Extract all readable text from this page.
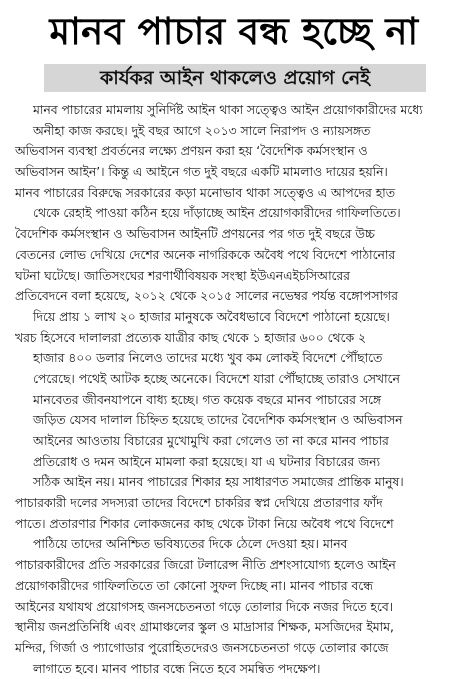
মানব পাচার বন্ধ হচ্ছে না
কার্যকর আইন থাকলেও প্রয়োগ নেই
মানব পাচারের মামলায় সুনির্দিষ্ট আইন থাকা সত্ত্বেও আইন প্রয়োগকারীদের মধ্যে
অনীহা কাজ করছে। দুই বছর আগে ২০১৩ সালে নিরাপদ ও ন্যায়সঙ্গত
অভিবাসন ব্যবস্থা প্রবর্তনের লক্ষ্যে প্রণয়ন করা হয় ‘বৈদেশিক কর্মসংস্থান ও
অভিবাসন আইন’। কিন্তু এ আইনে গত দুই বছরে একটি মামলাও দায়ের হয়নি।
মানব পাচারের বিরুদ্ধে সরকারের কড়া মনোভাব থাকা সত্ত্বেও এ আপদের হাত
থেকে রেহাই পাওয়া কঠিন হয়ে দাঁড়াচ্ছে আইন প্রয়োগকারীদের গাফিলতিতে।
বৈদেশিক কর্মসংস্থান ও অভিবাসন আইনটি প্রণয়নের পর গত দুই বছরে উচ্চ
বেতনের লোভ দেখিয়ে দেশের অনেক নাগরিককে অবৈধ পথে বিদেশে পাঠানোর
ঘটনা ঘটেছে। জাতিসংঘের শরণার্থীবিষয়ক সংস্থা ইউএনএইচসিআরের
প্রতিবেদনে বলা হয়েছে, ২০১২ থেকে ২০১৫ সালের নভেম্বর পর্যন্ত বঙ্গোপসাগর
দিয়ে প্রায় ১ লাখ ২০ হাজার মানুষকে অবৈধভাবে বিদেশে পাঠানো হয়েছে।
খরচ হিসেবে দালালরা প্রত্যেক যাত্রীর কাছ থেকে ১ হাজার ৬০০ থেকে ২
হাজার ৪০০ ডলার নিলেও তাদের মধ্যে খুব কম লোকই বিদেশে পৌঁছাতে
পেরেছে। পথেই আটক হচ্ছে অনেকে। বিদেশে যারা পৌঁছাচ্ছে তারাও সেখানে
মানবেতর জীবনযাপনে বাধ্য হচ্ছে। গত কয়েক বছরে মানব পাচারের সঙ্গে
জড়িত যেসব দালাল চিহ্নিত হয়েছে তাদের বৈদেশিক কর্মসংস্থান ও অভিবাসন
আইনের আওতায় বিচারের মুখোমুখি করা গেলেও তা না করে মানব পাচার
প্রতিরোধ ও দমন আইনে মামলা করা হয়েছে। যা এ ঘটনার বিচারের জন্য
সঠিক আইন নয়। মানব পাচারের শিকার হয় সাধারণত সমাজের প্রান্তিক মানুষ।
পাচারকারী দলের সদস্যরা তাদের বিদেশে চাকরির স্বপ্ন দেখিয়ে প্রতারণার ফাঁদ
পাতে। প্রতারণার শিকার লোকজনের কাছ থেকে টাকা নিয়ে অবৈধ পথে বিদেশে
পাঠিয়ে তাদের অনিশ্চিত ভবিষ্যতের দিকে ঠেলে দেওয়া হয়। মানব
পাচারকারীদের প্রতি সরকারের জিরো টলারেন্স নীতি প্রশংসাযোগ্য হলেও আইন
প্রয়োগকারীদের গাফিলতিতে তা কোনো সুফল দিচ্ছে না। মানব পাচার বন্ধে
আইনের যথাযথ প্রয়োগসহ জনসচেতনতা গড়ে তোলার দিকে নজর দিতে হবে।
স্থানীয় জনপ্রতিনিধি এবং গ্রামাঞ্চলের স্কুল ও মাদ্রাসার শিক্ষক, মসজিদের ইমাম,
মন্দির, গির্জা ও প্যাগোডার পুরোহিতদেরও জনসচেতনতা গড়ে তোলার কাজে
লাগাতে হবে। মানব পাচার বন্ধে নিতে হবে সমন্বিত পদক্ষেপ।
